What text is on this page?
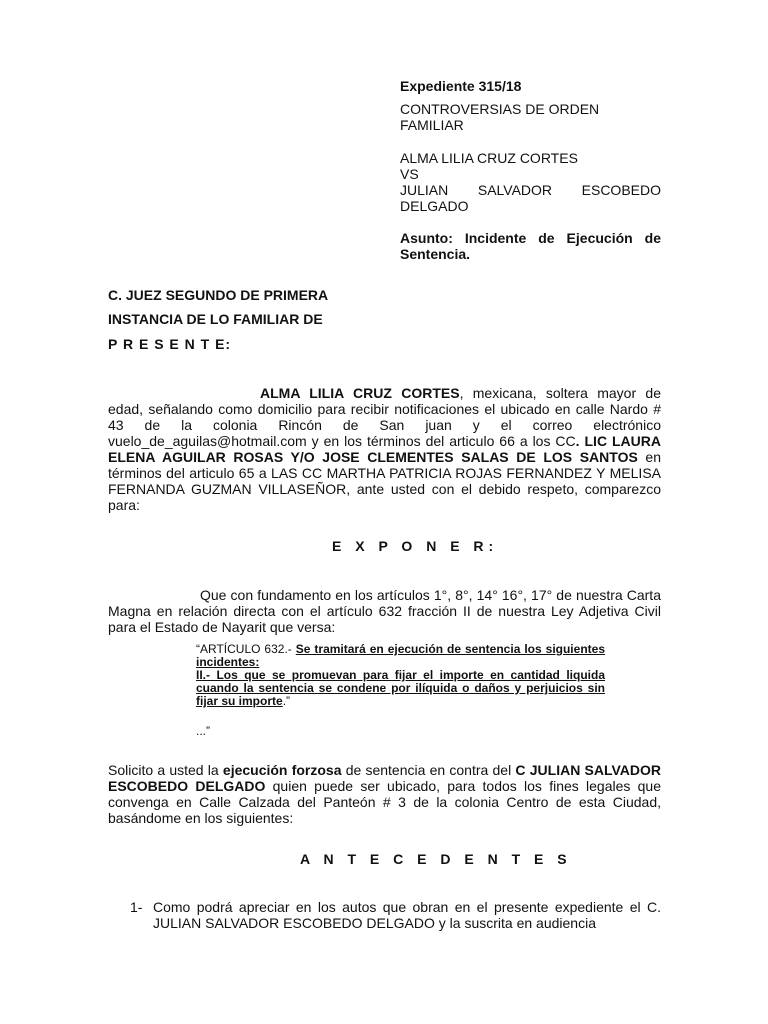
Expediente 315/18
CONTROVERSIAS DE ORDEN
FAMILIAR
ALMA LILIA CRUZ CORTES
VS
JULIAN SALVADOR ESCOBEDO
DELGADO
Asunto: Incidente de Ejecución de
Sentencia.
C. JUEZ SEGUNDO DE PRIMERA
INSTANCIA DE LO FAMILIAR DE
P R E S E N T E:
ALMA LILIA CRUZ CORTES, mexicana, soltera mayor de edad, señalando como domicilio para recibir notificaciones el ubicado en calle Nardo # 43 de la colonia Rincón de San juan y el correo electrónico vuelo_de_aguilas@hotmail.com y en los términos del articulo 66 a los CC. LIC LAURA ELENA AGUILAR ROSAS Y/O JOSE CLEMENTES SALAS DE LOS SANTOS en términos del articulo 65 a LAS CC MARTHA PATRICIA ROJAS FERNANDEZ Y MELISA FERNANDA GUZMAN VILLASEÑOR, ante usted con el debido respeto, comparezco para:
E X P O N E R:
Que con fundamento en los artículos 1°, 8°, 14° 16°, 17° de nuestra Carta Magna en relación directa con el artículo 632 fracción II de nuestra Ley Adjetiva Civil para el Estado de Nayarit que versa:
“ARTÍCULO 632.- Se tramitará en ejecución de sentencia los siguientes incidentes:
II.- Los que se promuevan para fijar el importe en cantidad liquida cuando la sentencia se condene por ilíquida o daños y perjuicios sin fijar su importe.”
...”
Solicito a usted la ejecución forzosa de sentencia en contra del C JULIAN SALVADOR ESCOBEDO DELGADO quien puede ser ubicado, para todos los fines legales que convenga en Calle Calzada del Panteón # 3 de la colonia Centro de esta Ciudad, basándome en los siguientes:
A N T E C E D E N T E S
1- Como podrá apreciar en los autos que obran en el presente expediente el C. JULIAN SALVADOR ESCOBEDO DELGADO y la suscrita en audiencia
